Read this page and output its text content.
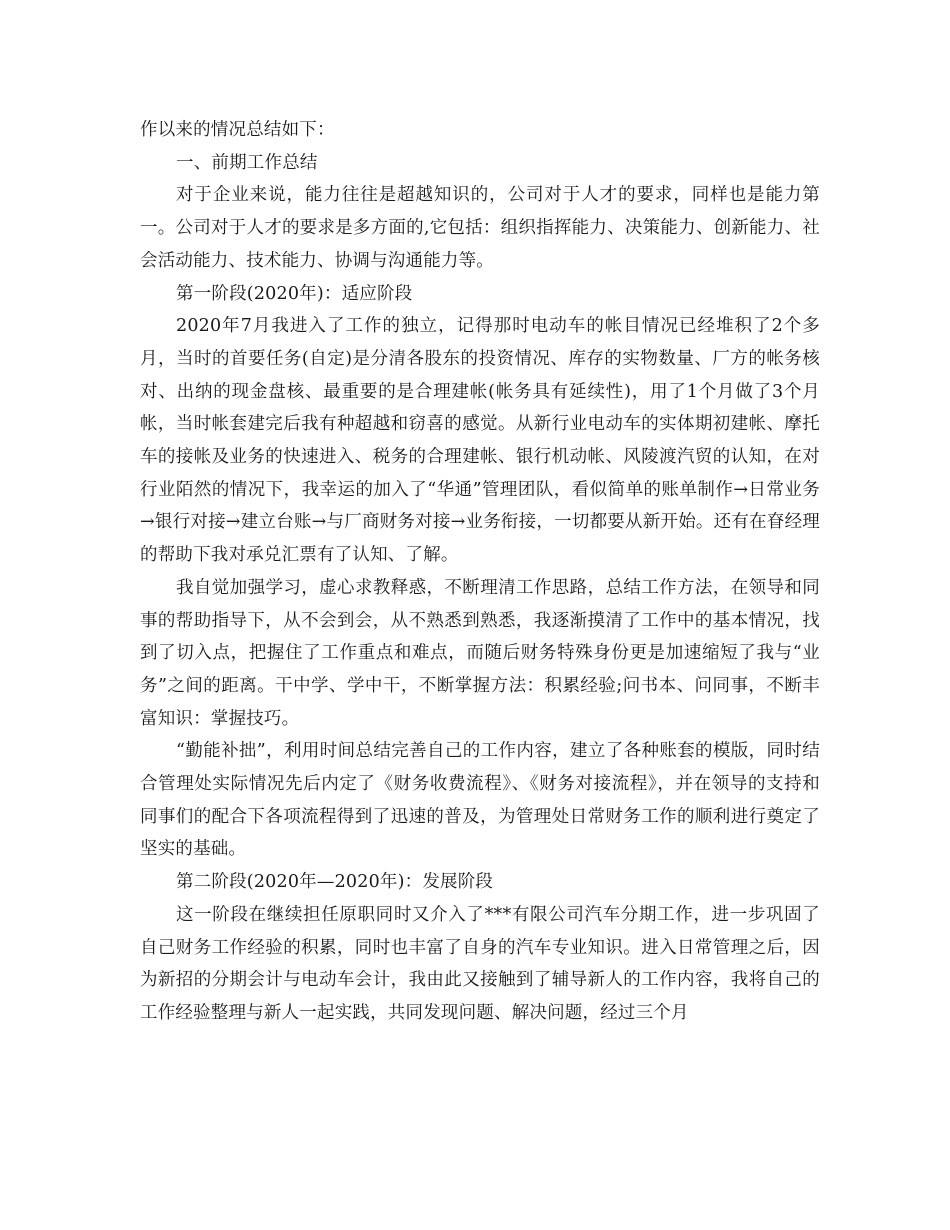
作以来的情况总结如下：

一、前期工作总结

对于企业来说，能力往往是超越知识的，公司对于人才的要求，同样也是能力第一。公司对于人才的要求是多方面的,它包括：组织指挥能力、决策能力、创新能力、社会活动能力、技术能力、协调与沟通能力等。

第一阶段(2020年)：适应阶段

2020年7月我进入了工作的独立，记得那时电动车的帐目情况已经堆积了2个多月，当时的首要任务(自定)是分清各股东的投资情况、库存的实物数量、厂方的帐务核对、出纳的现金盘核、最重要的是合理建帐(帐务具有延续性)，用了1个月做了3个月帐，当时帐套建完后我有种超越和窃喜的感觉。从新行业电动车的实体期初建帐、摩托车的接帐及业务的快速进入、税务的合理建帐、银行机动帐、风陵渡汽贸的认知，在对行业陌然的情况下，我幸运的加入了“华通”管理团队，看似简单的账单制作→日常业务→银行对接→建立台账→与厂商财务对接→业务衔接，一切都要从新开始。还有在眘经理的帮助下我对承兑汇票有了认知、了解。

我自觉加强学习，虚心求教释惑，不断理清工作思路，总结工作方法，在领导和同事的帮助指导下，从不会到会，从不熟悉到熟悉，我逐渐摸清了工作中的基本情况，找到了切入点，把握住了工作重点和难点，而随后财务特殊身份更是加速缩短了我与“业务”之间的距离。干中学、学中干，不断掌握方法：积累经验;问书本、问同事，不断丰富知识：掌握技巧。

“勤能补拙”，利用时间总结完善自己的工作内容，建立了各种账套的模版，同时结合管理处实际情况先后内定了《财务收费流程》、《财务对接流程》，并在领导的支持和同事们的配合下各项流程得到了迅速的普及，为管理处日常财务工作的顺利进行奠定了坚实的基础。

第二阶段(2020年—2020年)：发展阶段

这一阶段在继续担任原职同时又介入了***有限公司汽车分期工作，进一步巩固了自己财务工作经验的积累，同时也丰富了自身的汽车专业知识。进入日常管理之后，因为新招的分期会计与电动车会计，我由此又接触到了辅导新人的工作内容，我将自己的工作经验整理与新人一起实践，共同发现问题、解决问题，经过三个月
